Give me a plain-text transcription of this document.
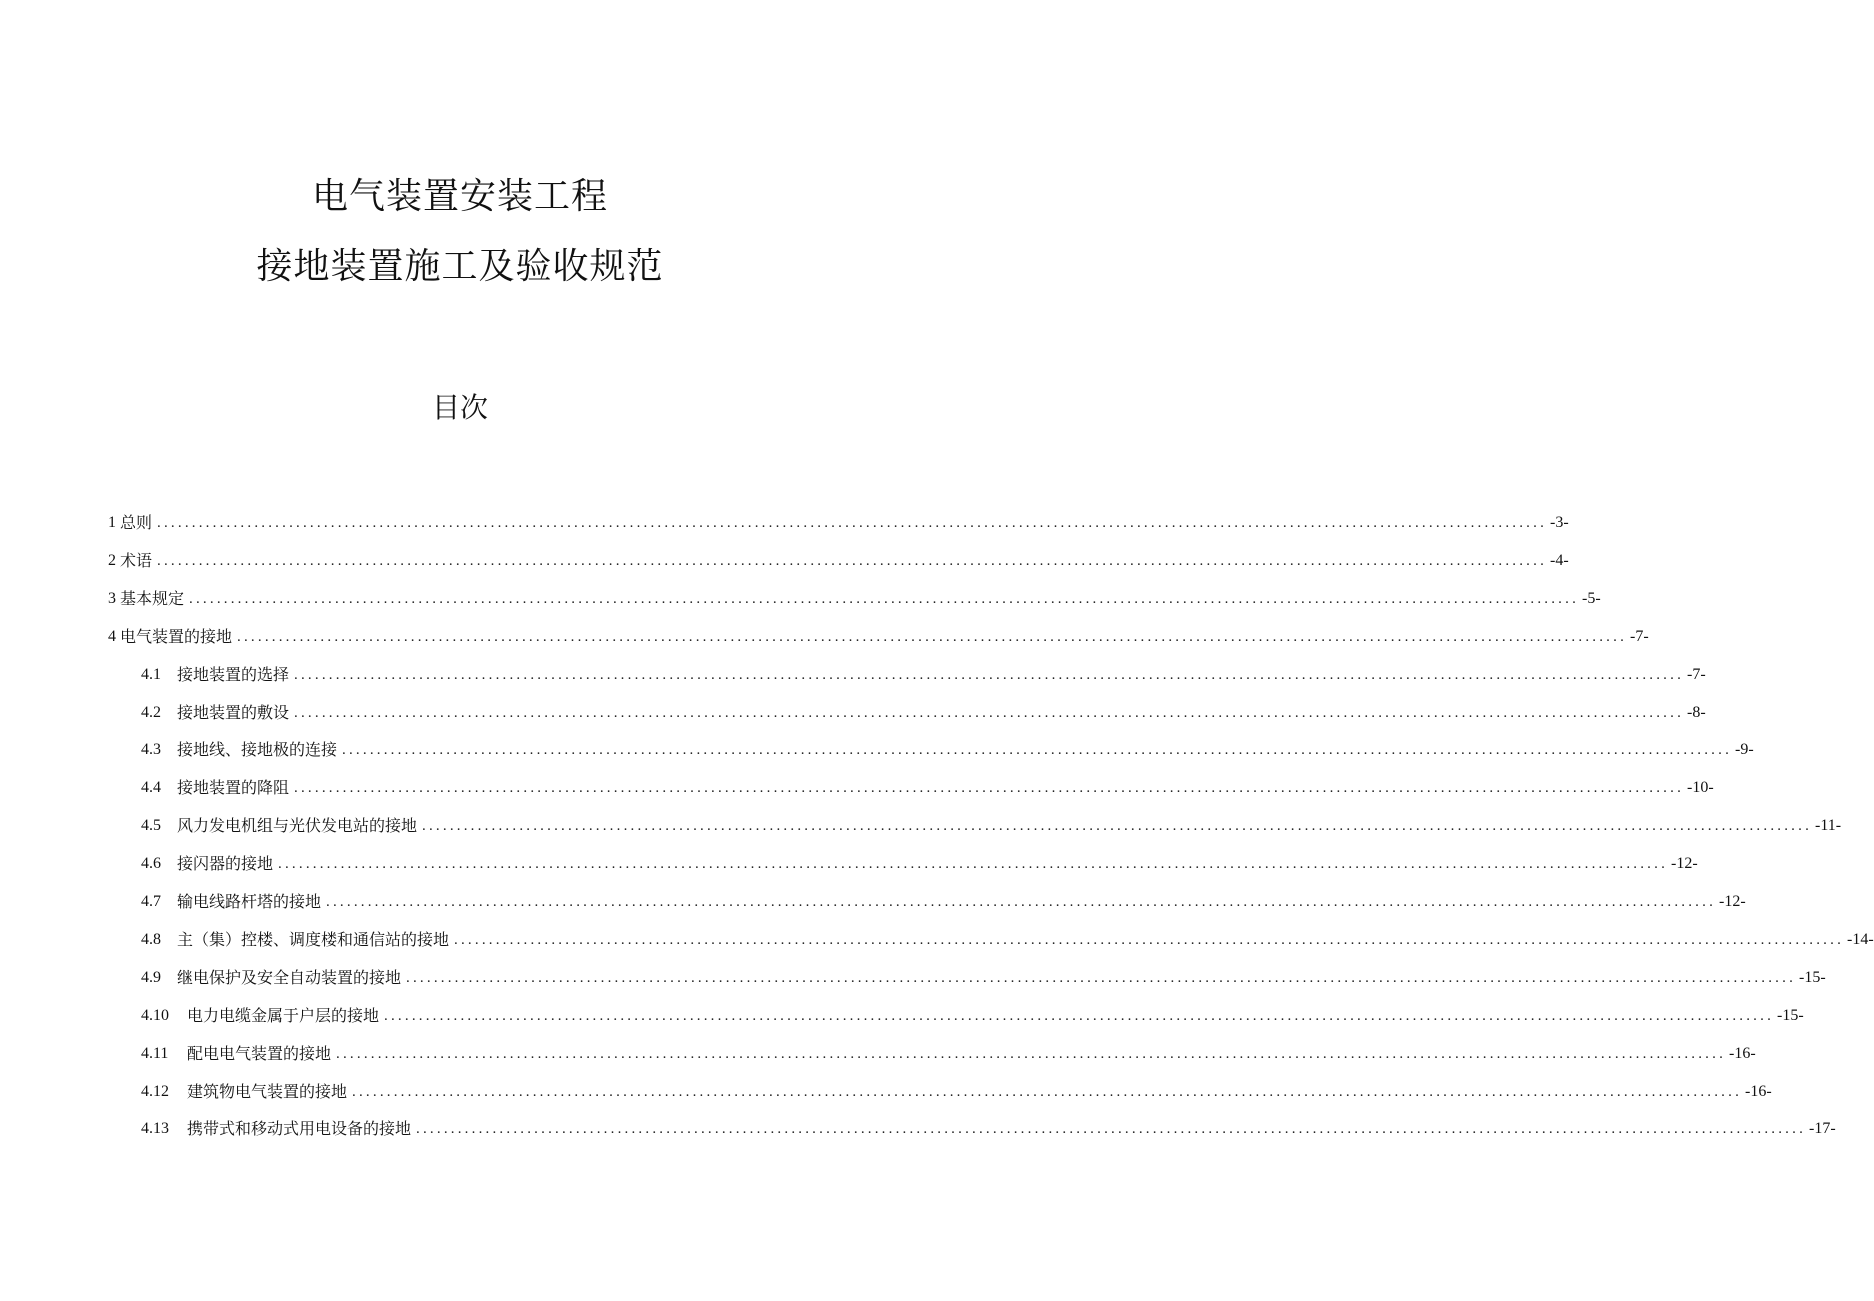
电气装置安装工程
接地装置施工及验收规范
目次
1 总则 ........................................................................................................................................................................................................ -3-
2 术语 ........................................................................................................................................................................................................ -4-
3 基本规定 ........................................................................................................................................................................................................ -5-
4 电气装置的接地 ........................................................................................................................................................................................................ -7-
4.1	接地装置的选择 ........................................................................................................................................................................................................ -7-
4.2	接地装置的敷设 ........................................................................................................................................................................................................ -8-
4.3	接地线、接地极的连接 ........................................................................................................................................................................................................ -9-
4.4	接地装置的降阻 ........................................................................................................................................................................................................ -10-
4.5	风力发电机组与光伏发电站的接地 ........................................................................................................................................................................................................ -11-
4.6	接闪器的接地 ........................................................................................................................................................................................................ -12-
4.7	输电线路杆塔的接地 ........................................................................................................................................................................................................ -12-
4.8	主（集）控楼、调度楼和通信站的接地 ........................................................................................................................................................................................................ -14-
4.9	继电保护及安全自动装置的接地 ........................................................................................................................................................................................................ -15-
4.10	电力电缆金属于户层的接地 ........................................................................................................................................................................................................ -15-
4.11	配电电气装置的接地 ........................................................................................................................................................................................................ -16-
4.12	建筑物电气装置的接地 ........................................................................................................................................................................................................ -16-
4.13	携带式和移动式用电设备的接地 ........................................................................................................................................................................................................ -17-
